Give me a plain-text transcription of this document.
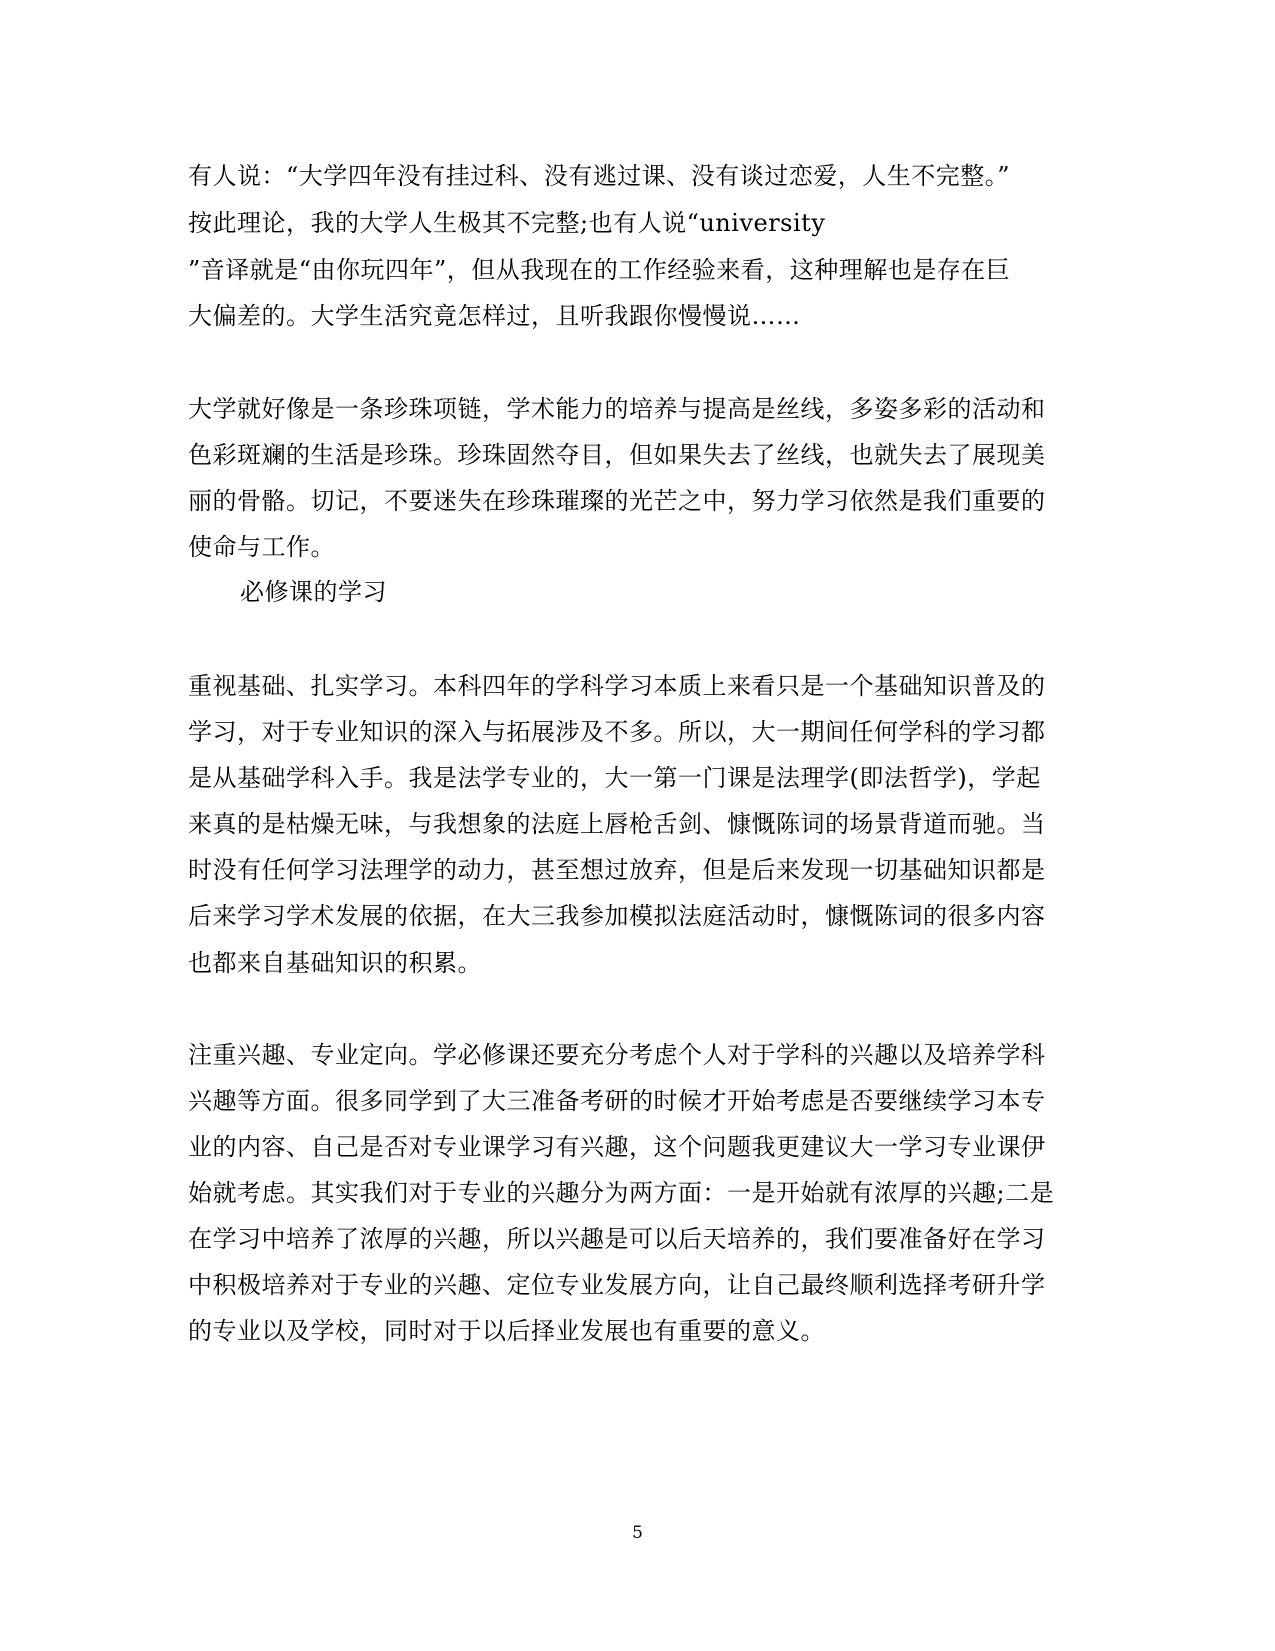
有人说：“大学四年没有挂过科、没有逃过课、没有谈过恋爱，人生不完整。”
按此理论，我的大学人生极其不完整;也有人说“university
”音译就是“由你玩四年”，但从我现在的工作经验来看，这种理解也是存在巨
大偏差的。大学生活究竟怎样过，且听我跟你慢慢说……
大学就好像是一条珍珠项链，学术能力的培养与提高是丝线，多姿多彩的活动和
色彩斑斓的生活是珍珠。珍珠固然夺目，但如果失去了丝线，也就失去了展现美
丽的骨骼。切记，不要迷失在珍珠璀璨的光芒之中，努力学习依然是我们重要的
使命与工作。
必修课的学习
重视基础、扎实学习。本科四年的学科学习本质上来看只是一个基础知识普及的
学习，对于专业知识的深入与拓展涉及不多。所以，大一期间任何学科的学习都
是从基础学科入手。我是法学专业的，大一第一门课是法理学(即法哲学)，学起
来真的是枯燥无味，与我想象的法庭上唇枪舌剑、慷慨陈词的场景背道而驰。当
时没有任何学习法理学的动力，甚至想过放弃，但是后来发现一切基础知识都是
后来学习学术发展的依据，在大三我参加模拟法庭活动时，慷慨陈词的很多内容
也都来自基础知识的积累。
注重兴趣、专业定向。学必修课还要充分考虑个人对于学科的兴趣以及培养学科
兴趣等方面。很多同学到了大三准备考研的时候才开始考虑是否要继续学习本专
业的内容、自己是否对专业课学习有兴趣，这个问题我更建议大一学习专业课伊
始就考虑。其实我们对于专业的兴趣分为两方面：一是开始就有浓厚的兴趣;二是
在学习中培养了浓厚的兴趣，所以兴趣是可以后天培养的，我们要准备好在学习
中积极培养对于专业的兴趣、定位专业发展方向，让自己最终顺利选择考研升学
的专业以及学校，同时对于以后择业发展也有重要的意义。
5
